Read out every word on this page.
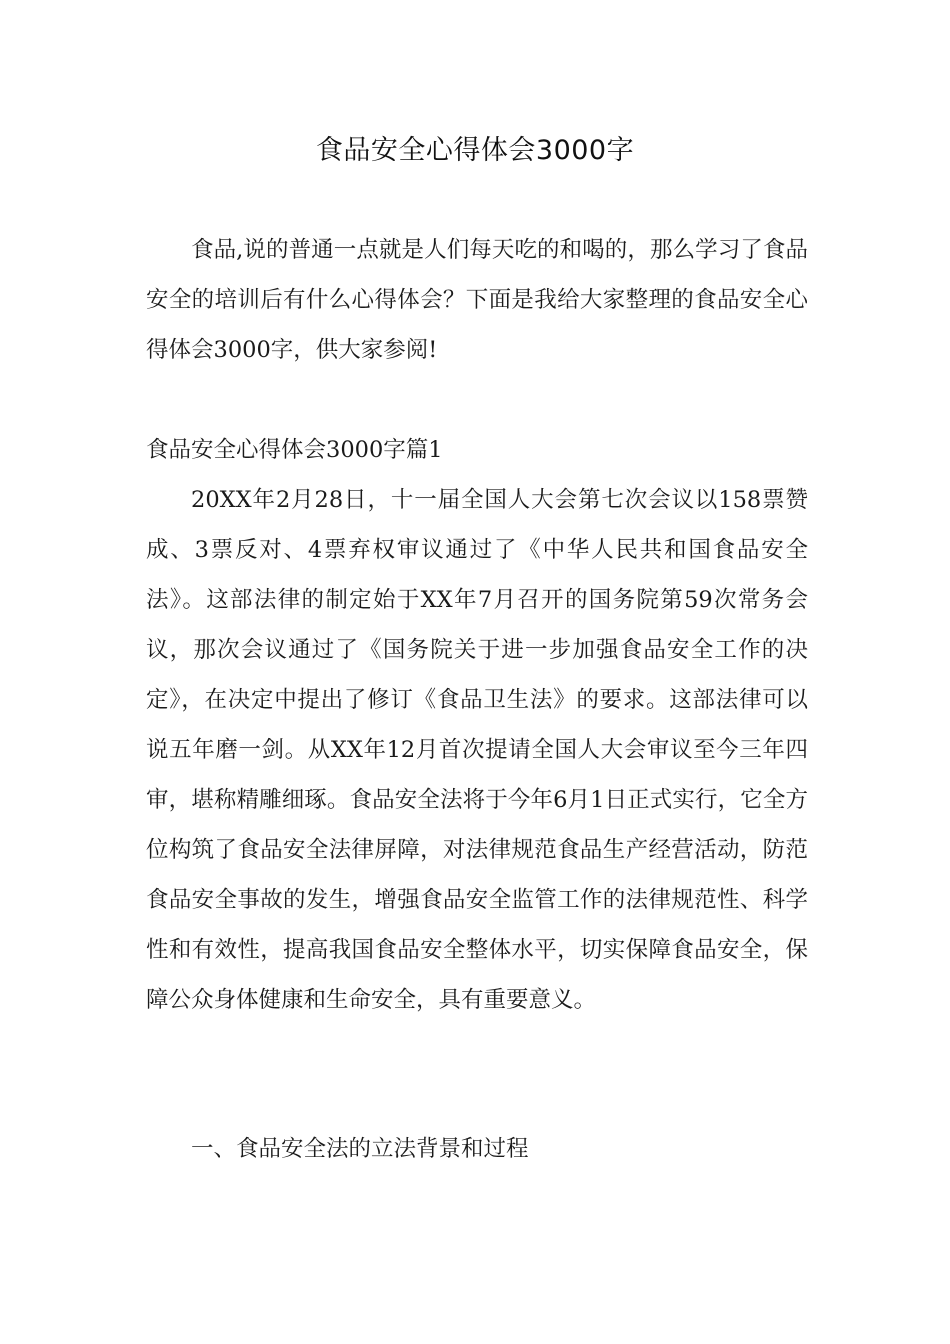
食品安全心得体会3000字

食品,说的普通一点就是人们每天吃的和喝的，那么学习了食品安全的培训后有什么心得体会？下面是我给大家整理的食品安全心得体会3000字，供大家参阅!

食品安全心得体会3000字篇1

20XX年2月28日，十一届全国人大会第七次会议以158票赞成、3票反对、4票弃权审议通过了《中华人民共和国食品安全法》。这部法律的制定始于XX年7月召开的国务院第59次常务会议，那次会议通过了《国务院关于进一步加强食品安全工作的决定》，在决定中提出了修订《食品卫生法》的要求。这部法律可以说五年磨一剑。从XX年12月首次提请全国人大会审议至今三年四审，堪称精雕细琢。食品安全法将于今年6月1日正式实行，它全方位构筑了食品安全法律屏障，对法律规范食品生产经营活动，防范食品安全事故的发生，增强食品安全监管工作的法律规范性、科学性和有效性，提高我国食品安全整体水平，切实保障食品安全，保障公众身体健康和生命安全，具有重要意义。

一、食品安全法的立法背景和过程
